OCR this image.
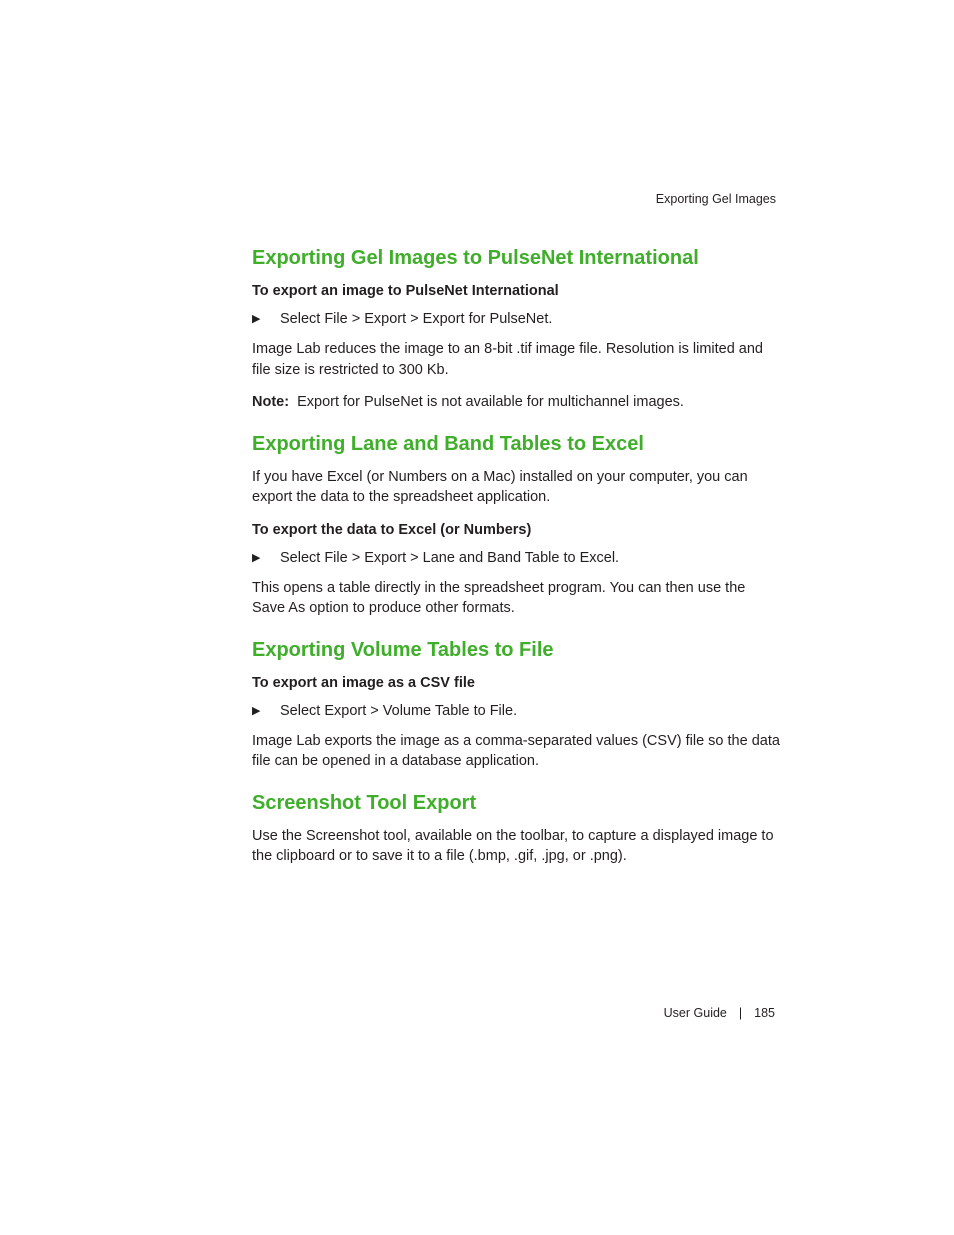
Exporting Gel Images
Exporting Gel Images to PulseNet International
To export an image to PulseNet International
▶	Select File > Export > Export for PulseNet.

Image Lab reduces the image to an 8-bit .tif image file. Resolution is limited and file size is restricted to 300 Kb.

Note: Export for PulseNet is not available for multichannel images.

Exporting Lane and Band Tables to Excel

If you have Excel (or Numbers on a Mac) installed on your computer, you can export the data to the spreadsheet application.

To export the data to Excel (or Numbers)
▶	Select File > Export > Lane and Band Table to Excel.

This opens a table directly in the spreadsheet program. You can then use the Save As option to produce other formats.

Exporting Volume Tables to File
To export an image as a CSV file
▶	Select Export > Volume Table to File.

Image Lab exports the image as a comma-separated values (CSV) file so the data file can be opened in a database application.

Screenshot Tool Export

Use the Screenshot tool, available on the toolbar, to capture a displayed image to the clipboard or to save it to a file (.bmp, .gif, .jpg, or .png).

User Guide | 185
